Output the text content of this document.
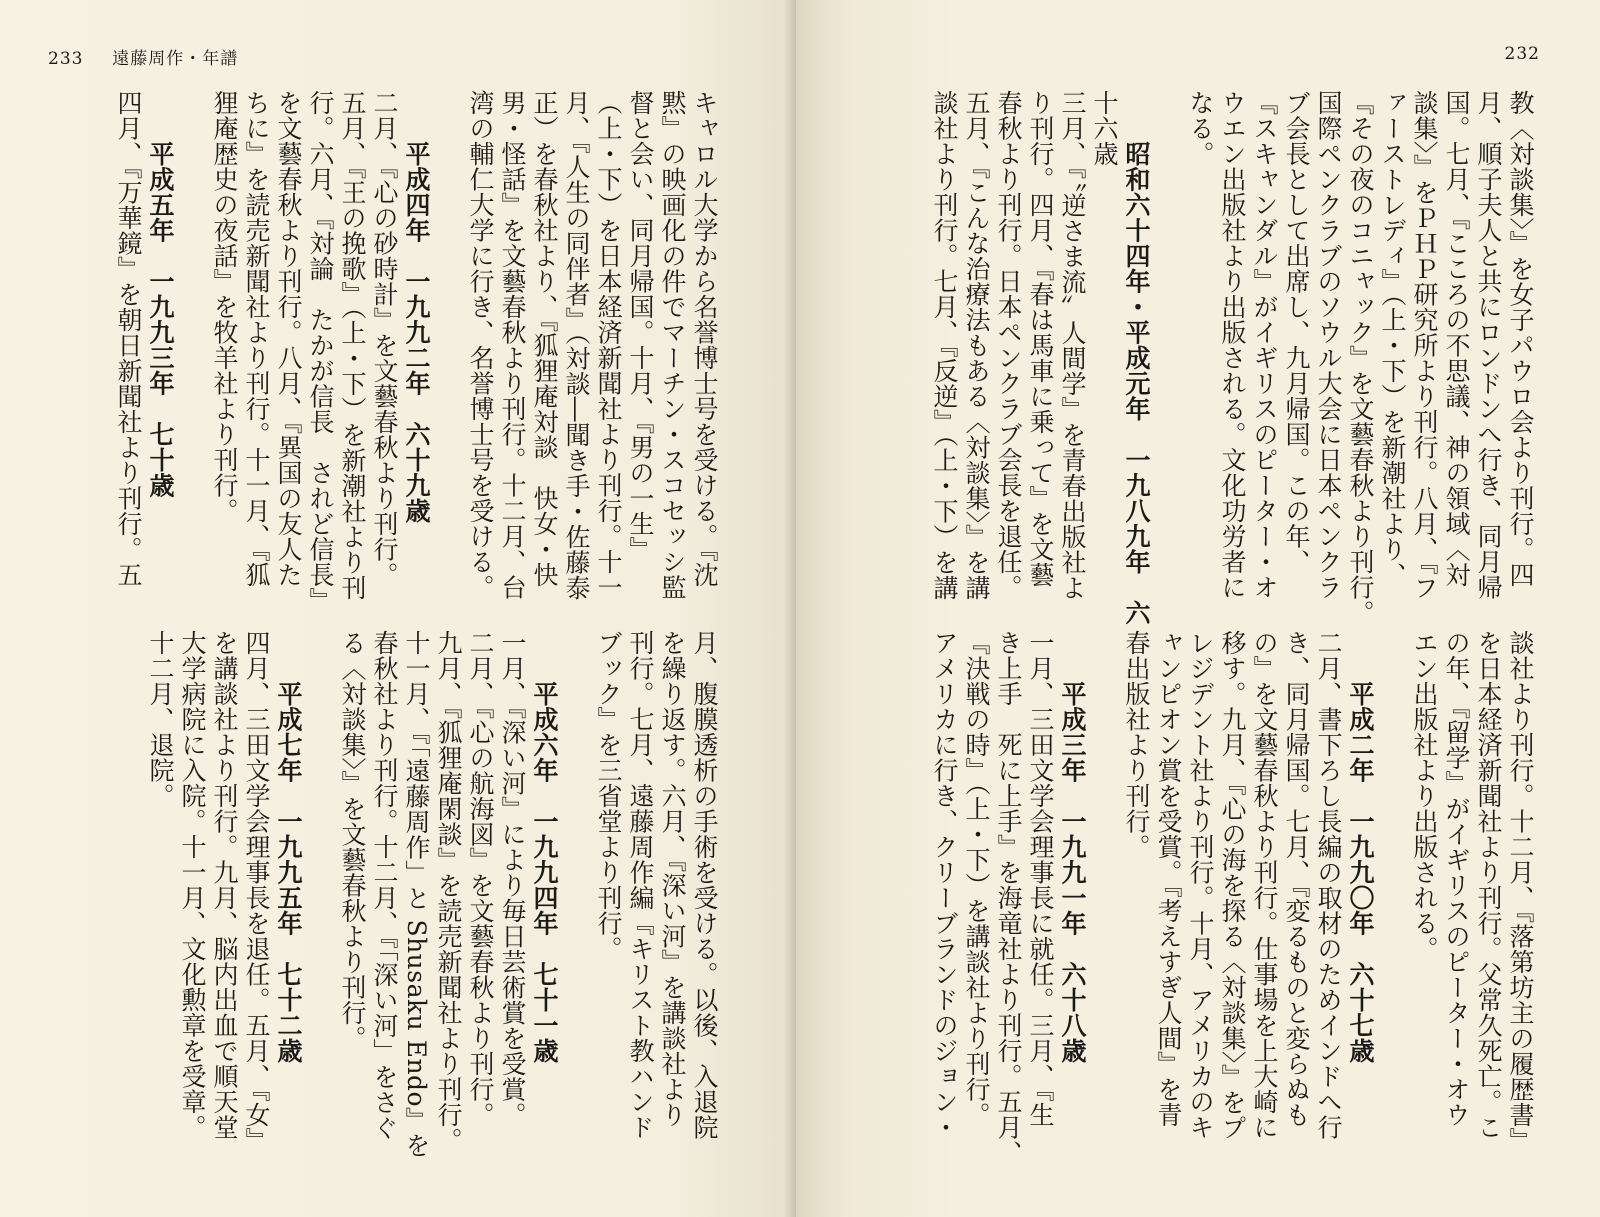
233 遠藤周作・年譜
キャロル大学から名誉博士号を受ける。『沈
黙』の映画化の件でマーチン・スコセッシ監
督と会い、同月帰国。十月、『男の一生』
（上・下）を日本経済新聞社より刊行。十一
月、『人生の同伴者』（対談―聞き手・佐藤泰
正）を春秋社より、『狐狸庵対談　快女・快
男・怪話』を文藝春秋より刊行。十二月、台
湾の輔仁大学に行き、名誉博士号を受ける。
　　平成四年　一九九二年　六十九歳
二月、『心の砂時計』を文藝春秋より刊行。
五月、『王の挽歌』（上・下）を新潮社より刊
行。六月、『対論　たかが信長　されど信長』
を文藝春秋より刊行。八月、『異国の友人た
ちに』を読売新聞社より刊行。十一月、『狐
狸庵歴史の夜話』を牧羊社より刊行。
　　平成五年　一九九三年　七十歳
四月、『万華鏡』を朝日新聞社より刊行。五
月、腹膜透析の手術を受ける。以後、入退院
を繰り返す。六月、『深い河』を講談社より
刊行。七月、遠藤周作編『キリスト教ハンド
ブック』を三省堂より刊行。
　　平成六年　一九九四年　七十一歳
一月、『深い河』により毎日芸術賞を受賞。
二月、『心の航海図』を文藝春秋より刊行。
九月、『狐狸庵閑談』を読売新聞社より刊行。
十一月、『「遠藤周作」と Shusaku Endo』を
春秋社より刊行。十二月、『「深い河」をさぐ
る〈対談集〉』を文藝春秋より刊行。
　　平成七年　一九九五年　七十二歳
四月、三田文学会理事長を退任。五月、『女』
を講談社より刊行。九月、脳内出血で順天堂
大学病院に入院。十一月、文化勲章を受章。
十二月、退院。
232
教〈対談集〉』を女子パウロ会より刊行。四
月、順子夫人と共にロンドンへ行き、同月帰
国。七月、『こころの不思議、神の領域〈対
談集〉』をＰＨＰ研究所より刊行。八月、『フ
ァーストレディ』（上・下）を新潮社より、
『その夜のコニャック』を文藝春秋より刊行。
国際ペンクラブのソウル大会に日本ペンクラ
ブ会長として出席し、九月帰国。この年、
『スキャンダル』がイギリスのピーター・オ
ウエン出版社より出版される。文化功労者に
なる。
　　昭和六十四年・平成元年　一九八九年　六
十六歳
三月、『〝逆さま流〟人間学』を青春出版社よ
り刊行。四月、『春は馬車に乗って』を文藝
春秋より刊行。日本ペンクラブ会長を退任。
五月、『こんな治療法もある〈対談集〉』を講
談社より刊行。七月、『反逆』（上・下）を講
談社より刊行。十二月、『落第坊主の履歴書』
を日本経済新聞社より刊行。父常久死亡。こ
の年、『留学』がイギリスのピーター・オウ
エン出版社より出版される。
　　平成二年　一九九〇年　六十七歳
二月、書下ろし長編の取材のためインドへ行
き、同月帰国。七月、『変るものと変らぬも
の』を文藝春秋より刊行。仕事場を上大崎に
移す。九月、『心の海を探る〈対談集〉』をプ
レジデント社より刊行。十月、アメリカのキ
ャンピオン賞を受賞。『考えすぎ人間』を青
春出版社より刊行。
　　平成三年　一九九一年　六十八歳
一月、三田文学会理事長に就任。三月、『生
き上手　死に上手』を海竜社より刊行。五月、
『決戦の時』（上・下）を講談社より刊行。
アメリカに行き、クリーブランドのジョン・
